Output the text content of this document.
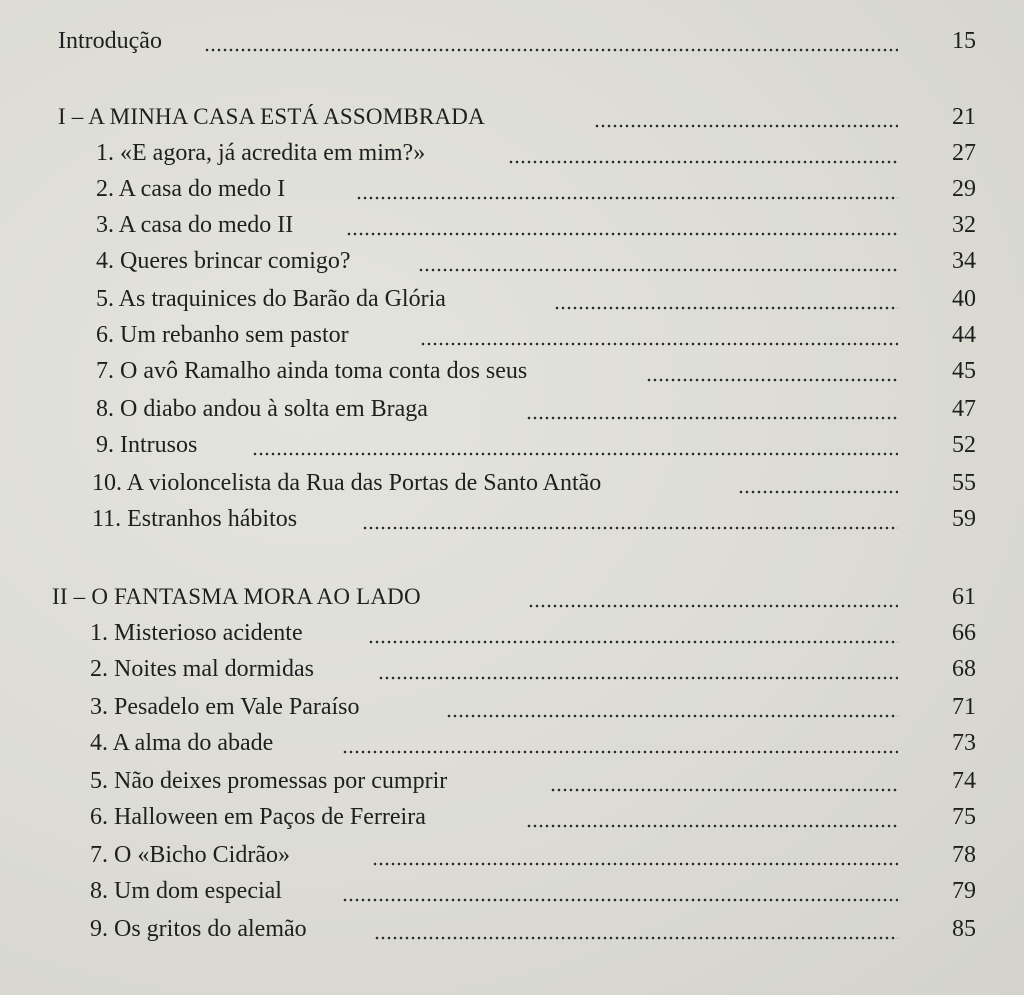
Introdução	15
I – A MINHA CASA ESTÁ ASSOMBRADA	21
1. «E agora, já acredita em mim?»	27
2. A casa do medo I	29
3. A casa do medo II	32
4. Queres brincar comigo?	34
5. As traquinices do Barão da Glória	40
6. Um rebanho sem pastor	44
7. O avô Ramalho ainda toma conta dos seus	45
8. O diabo andou à solta em Braga	47
9. Intrusos	52
10. A violoncelista da Rua das Portas de Santo Antão	55
11. Estranhos hábitos	59
II – O FANTASMA MORA AO LADO	61
1. Misterioso acidente	66
2. Noites mal dormidas	68
3. Pesadelo em Vale Paraíso	71
4. A alma do abade	73
5. Não deixes promessas por cumprir	74
6. Halloween em Paços de Ferreira	75
7. O «Bicho Cidrão»	78
8. Um dom especial	79
9. Os gritos do alemão	85
